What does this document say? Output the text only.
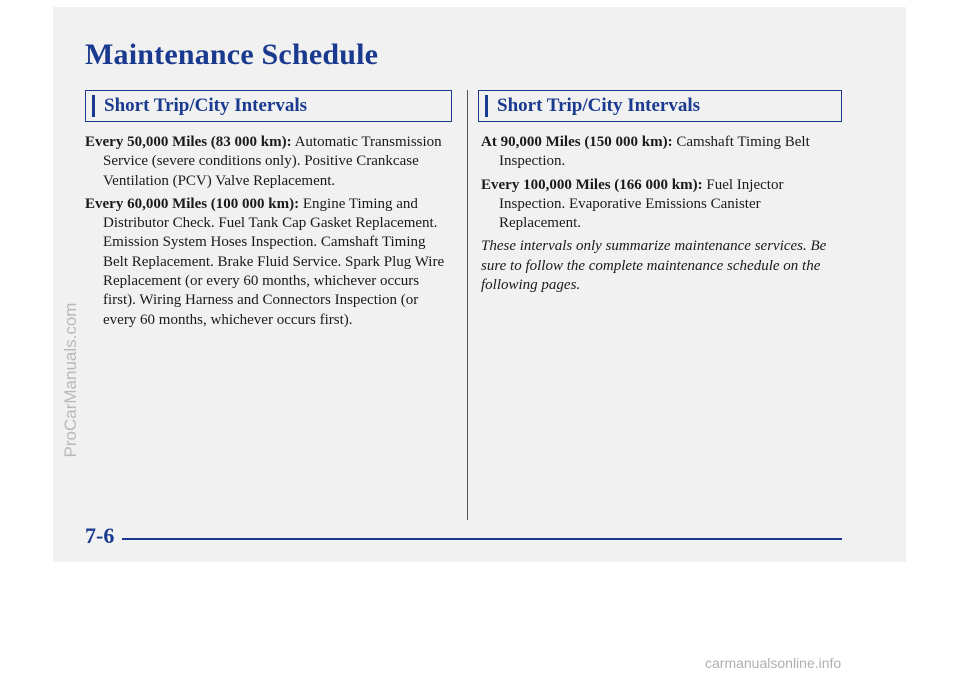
Maintenance Schedule
Short Trip/City Intervals	Short Trip/City Intervals

Every 50,000 Miles (83 000 km): Automatic Transmission Service (severe conditions only). Positive Crankcase Ventilation (PCV) Valve Replacement.

Every 60,000 Miles (100 000 km): Engine Timing and Distributor Check. Fuel Tank Cap Gasket Replacement. Emission System Hoses Inspection. Camshaft Timing Belt Replacement. Brake Fluid Service. Spark Plug Wire Replacement (or every 60 months, whichever occurs first). Wiring Harness and Connectors Inspection (or every 60 months, whichever occurs first).

At 90,000 Miles (150 000 km): Camshaft Timing Belt Inspection.

Every 100,000 Miles (166 000 km): Fuel Injector Inspection. Evaporative Emissions Canister Replacement.

These intervals only summarize maintenance services. Be sure to follow the complete maintenance schedule on the following pages.

7-6
ProCarManuals.com
carmanualsonline.info
